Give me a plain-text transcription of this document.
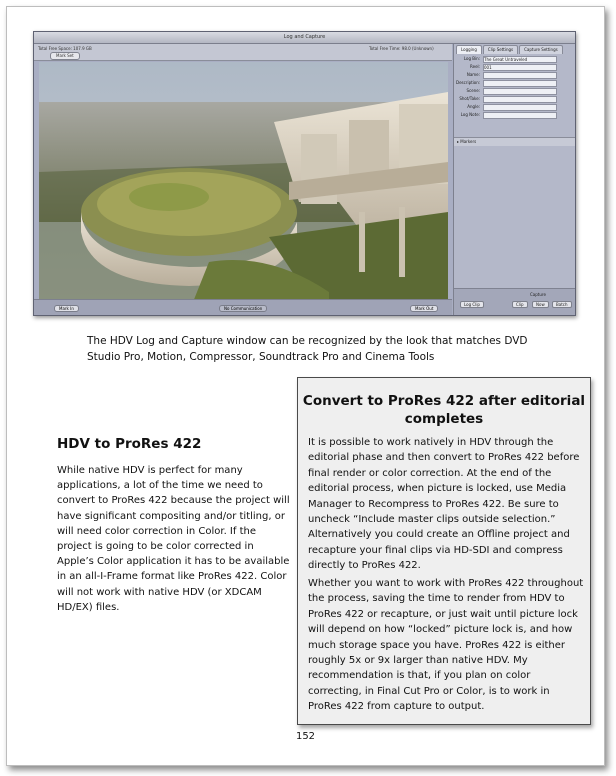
Log and Capture
Total Free Space: 107.9 GB	Total Free Time: 98.0 (Unknown)
Mark Set
Mark In	No Communication	Mark Out
Logging	Clip Settings	Capture Settings
Log Bin: The Great Untraveled
Reel: 001
Name:
Description:
Scene:
Shot/Take:
Angle:
Log Note:
▸ Markers
Log Clip
Capture
Clip	Now	Batch
The HDV Log and Capture window can be recognized by the look that matches DVD Studio Pro, Motion, Compressor, Soundtrack Pro and Cinema Tools
HDV to ProRes 422

While native HDV is perfect for many applications, a lot of the time we need to convert to ProRes 422 because the project will have significant compositing and/or titling, or will need color correction in Color. If the project is going to be color corrected in Apple’s Color application it has to be available in an all-I-Frame format like ProRes 422. Color will not work with native HDV (or XDCAM HD/EX) files.

Convert to ProRes 422 after editorial completes

It is possible to work natively in HDV through the editorial phase and then convert to ProRes 422 before final render or color correction. At the end of the editorial process, when picture is locked, use Media Manager to Recompress to ProRes 422. Be sure to uncheck “Include master clips outside selection.” Alternatively you could create an Offline project and recapture your final clips via HD-SDI and compress directly to ProRes 422.

Whether you want to work with ProRes 422 throughout the process, saving the time to render from HDV to ProRes 422 or recapture, or just wait until picture lock will depend on how “locked” picture lock is, and how much storage space you have. ProRes 422 is either roughly 5x or 9x larger than native HDV. My recommendation is that, if you plan on color correcting, in Final Cut Pro or Color, is to work in ProRes 422 from capture to output.

152
